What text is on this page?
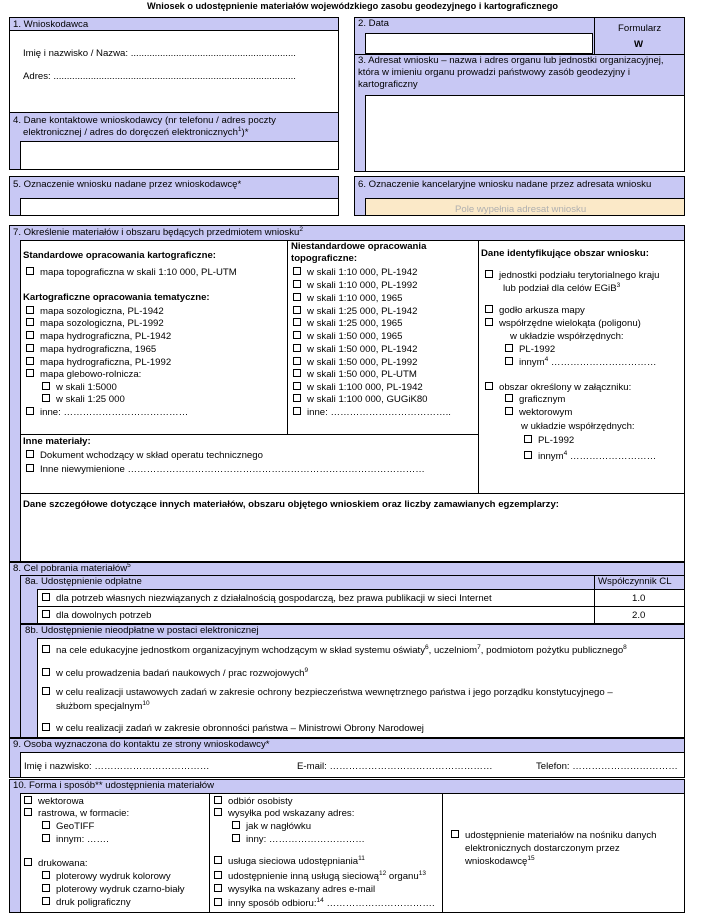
Wniosek o udostępnienie materiałów wojewódzkiego zasobu geodezyjnego i kartograficznego
1. Wnioskodawca
Imię i nazwisko / Nazwa: ..............................................................
Adres: ...........................................................................................
2. Data	Formularz
W
3. Adresat wniosku – nazwa i adres organu lub jednostki organizacyjnej, która w imieniu organu prowadzi państwowy zasób geodezyjny i kartograficzny
4. Dane kontaktowe wnioskodawcy (nr telefonu / adres poczty
elektronicznej / adres do doręczeń elektronicznych$^1$)*
5. Oznaczenie wniosku nadane przez wnioskodawcę*	6. Oznaczenie kancelaryjne wniosku nadane przez adresata wniosku
Pole wypełnia adresat wniosku
7. Określenie materiałów i obszaru będących przedmiotem wniosku$^2$
Standardowe opracowania kartograficzne:
mapa topograficzna w skali 1:10 000, PL-UTM
Kartograficzne opracowania tematyczne:
mapa sozologiczna, PL-1942
mapa sozologiczna, PL-1992
mapa hydrograficzna, PL-1942
mapa hydrograficzna, 1965
mapa hydrograficzna, PL-1992
mapa glebowo-rolnicza:
w skali 1:5000
w skali 1:25 000
inne: …………………………………
Niestandardowe opracowania
topograficzne:
w skali 1:10 000, PL-1942
w skali 1:10 000, PL-1992
w skali 1:10 000, 1965
w skali 1:25 000, PL-1942
w skali 1:25 000, 1965
w skali 1:50 000, 1965
w skali 1:50 000, PL-1942
w skali 1:50 000, PL-1992
w skali 1:50 000, PL-UTM
w skali 1:100 000, PL-1942
w skali 1:100 000, GUGiK80
inne: ………………………………..
Dane identyfikujące obszar wniosku:
jednostki podziału terytorialnego kraju
lub podział dla celów EGiB$^3$
godło arkusza mapy
współrzędne wielokąta (poligonu)
w układzie współrzędnych:
PL-1992
innym$^4$ ……………………………
obszar określony w załączniku:
graficznym
wektorowym
w układzie współrzędnych:
PL-1992
innym$^4$ ………………………
Inne materiały:
Dokument wchodzący w skład operatu technicznego
Inne niewymienione …………………………………………………………………………………
Dane szczegółowe dotyczące innych materiałów, obszaru objętego wnioskiem oraz liczby zamawianych egzemplarzy:
8. Cel pobrania materiałów$^5$
8a. Udostępnienie odpłatne	Współczynnik CL
dla potrzeb własnych niezwiązanych z działalnością gospodarczą, bez prawa publikacji w sieci Internet	1.0
dla dowolnych potrzeb	2.0
8b. Udostępnienie nieodpłatne w postaci elektronicznej
na cele edukacyjne jednostkom organizacyjnym wchodzącym w skład systemu oświaty$^6$, uczelniom$^7$, podmiotom pożytku publicznego$^8$
w celu prowadzenia badań naukowych / prac rozwojowych$^9$
w celu realizacji ustawowych zadań w zakresie ochrony bezpieczeństwa wewnętrznego państwa i jego porządku konstytucyjnego –
służbom specjalnym$^{10}$
w celu realizacji zadań w zakresie obronności państwa – Ministrowi Obrony Narodowej
9. Osoba wyznaczona do kontaktu ze strony wnioskodawcy*
Imię i nazwisko: ………………………………	E-mail: ……………………………………………	Telefon: ……………………………
10. Forma i sposób** udostępnienia materiałów
wektorowa
rastrowa, w formacie:
GeoTIFF
innym: …….
drukowana:
ploterowy wydruk kolorowy
ploterowy wydruk czarno-biały
druk poligraficzny
odbiór osobisty
wysyłka pod wskazany adres:
jak w nagłówku
inny: …………………………
usługa sieciowa udostępniania$^{11}$
udostępnienie inną usługą sieciową$^{12}$ organu$^{13}$
wysyłka na wskazany adres e-mail
inny sposób odbioru:$^{14}$ …………………………….
udostępnienie materiałów na nośniku danych
elektronicznych dostarczonym przez
wnioskodawcę$^{15}$
